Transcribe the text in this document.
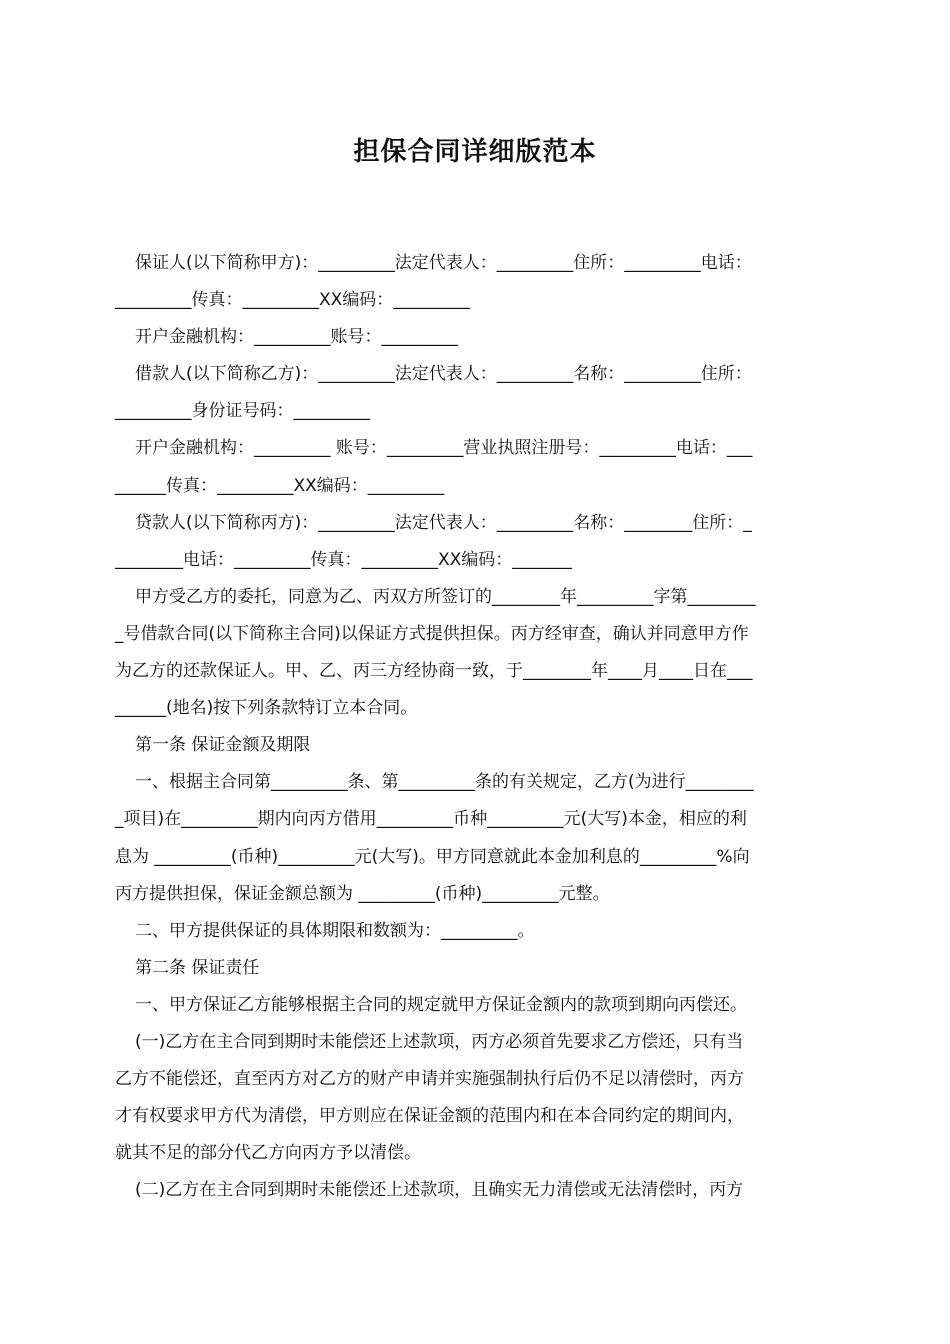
担保合同详细版范本

保证人(以下简称甲方)：_________法定代表人：_________住所：_________电话：

_________传真：_________XX编码：_________

开户金融机构：_________账号：_________

借款人(以下简称乙方)：_________法定代表人：_________名称：_________住所：

_________身份证号码：_________

开户金融机构：_________ 账号：_________营业执照注册号：_________电话：___

______传真：_________XX编码：_________

贷款人(以下简称丙方)：_________法定代表人：_________名称：________住所：_

________电话：_________传真：_________XX编码：_______

甲方受乙方的委托，同意为乙、丙双方所签订的________年_________字第________

_号借款合同(以下简称主合同)以保证方式提供担保。丙方经审查，确认并同意甲方作

为乙方的还款保证人。甲、乙、丙三方经协商一致，于________年____月____日在___

______(地名)按下列条款特订立本合同。

第一条 保证金额及期限

一、根据主合同第_________条、第_________条的有关规定，乙方(为进行________

_项目)在_________期内向丙方借用_________币种_________元(大写)本金，相应的利

息为 _________(币种)_________元(大写)。甲方同意就此本金加利息的_________%向

丙方提供担保，保证金额总额为 _________(币种)_________元整。

二、甲方提供保证的具体期限和数额为：_________。

第二条 保证责任

一、甲方保证乙方能够根据主合同的规定就甲方保证金额内的款项到期向丙偿还。

(一)乙方在主合同到期时未能偿还上述款项，丙方必须首先要求乙方偿还，只有当

乙方不能偿还，直至丙方对乙方的财产申请并实施强制执行后仍不足以清偿时，丙方

才有权要求甲方代为清偿，甲方则应在保证金额的范围内和在本合同约定的期间内，

就其不足的部分代乙方向丙方予以清偿。

(二)乙方在主合同到期时未能偿还上述款项，且确实无力清偿或无法清偿时，丙方
